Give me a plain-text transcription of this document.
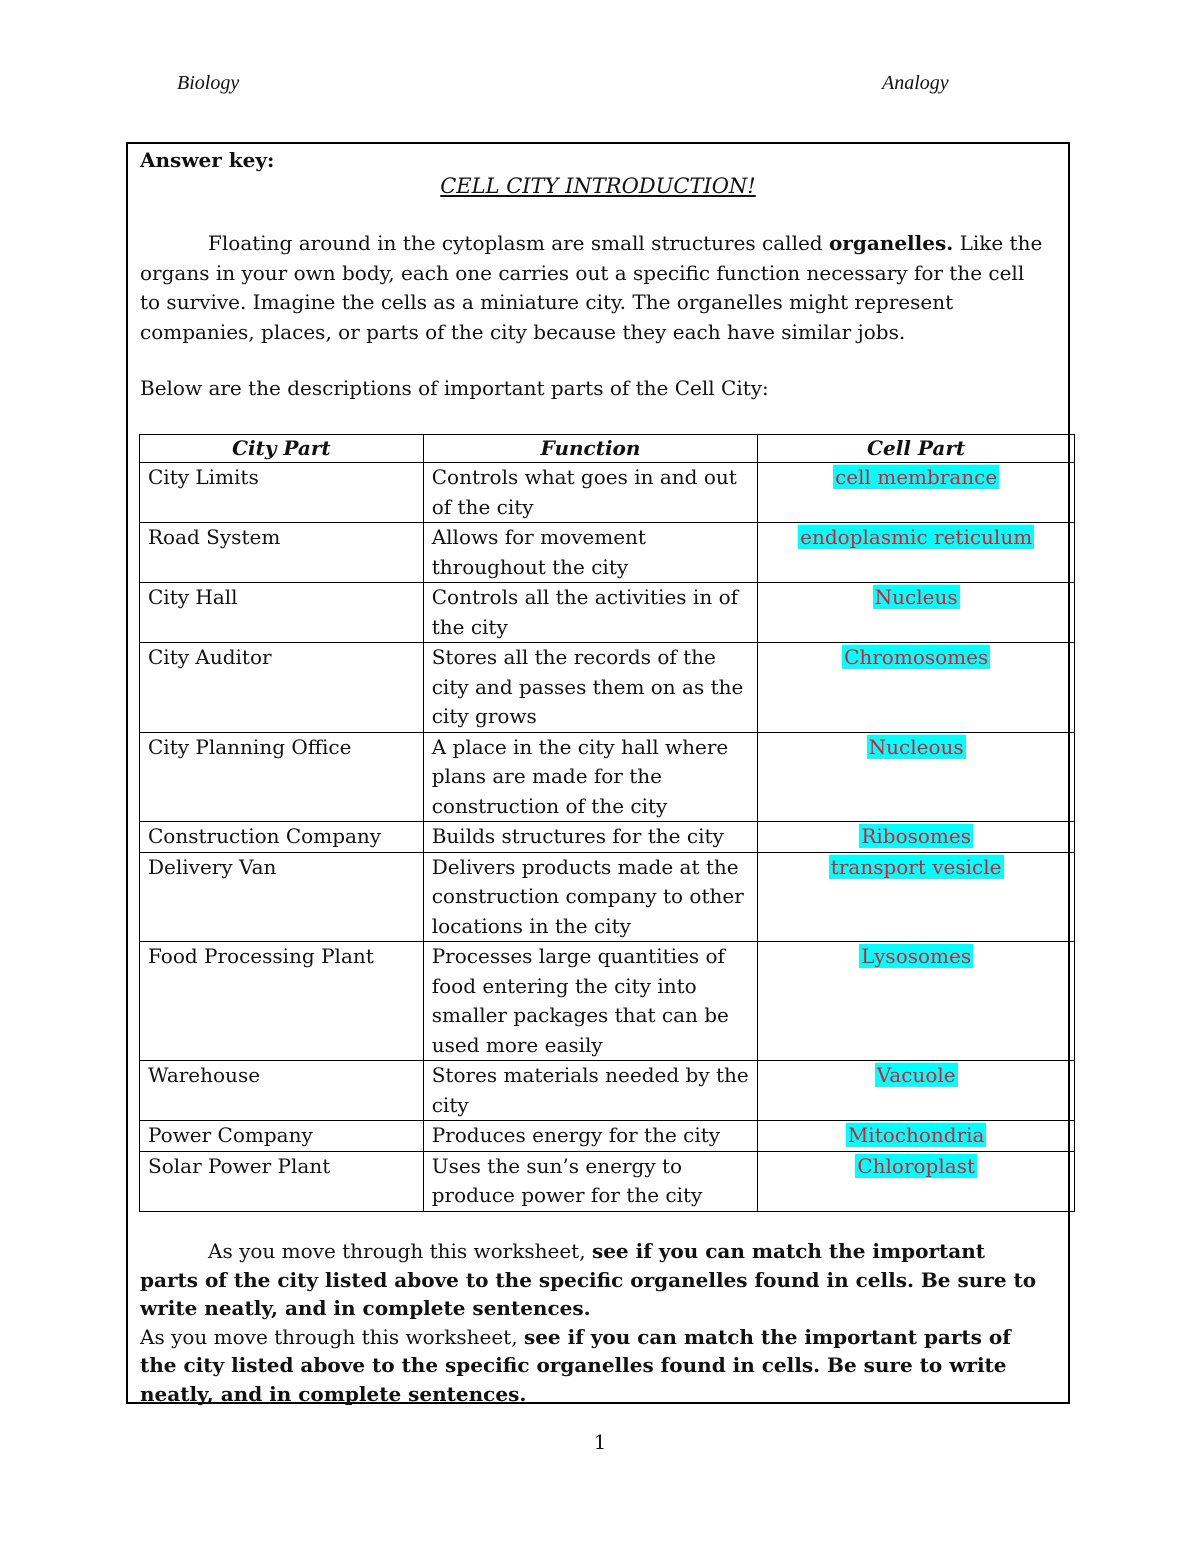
Biology	Analogy
Answer key:
CELL CITY INTRODUCTION!
Floating around in the cytoplasm are small structures called organelles. Like the organs in your own body, each one carries out a specific function necessary for the cell to survive. Imagine the cells as a miniature city. The organelles might represent companies, places, or parts of the city because they each have similar jobs.
Below are the descriptions of important parts of the Cell City:
City Part	Function	Cell Part
City Limits	Controls what goes in and out of the city	cell membrance
Road System	Allows for movement throughout the city	endoplasmic reticulum
City Hall	Controls all the activities in of the city	Nucleus
City Auditor	Stores all the records of the city and passes them on as the city grows	Chromosomes
City Planning Office	A place in the city hall where plans are made for the construction of the city	Nucleous
Construction Company	Builds structures for the city	Ribosomes
Delivery Van	Delivers products made at the construction company to other locations in the city	transport vesicle
Food Processing Plant	Processes large quantities of food entering the city into smaller packages that can be used more easily	Lysosomes
Warehouse	Stores materials needed by the city	Vacuole
Power Company	Produces energy for the city	Mitochondria
Solar Power Plant	Uses the sun’s energy to produce power for the city	Chloroplast
As you move through this worksheet, see if you can match the important parts of the city listed above to the specific organelles found in cells. Be sure to write neatly, and in complete sentences.
As you move through this worksheet, see if you can match the important parts of the city listed above to the specific organelles found in cells. Be sure to write neatly, and in complete sentences.
1
